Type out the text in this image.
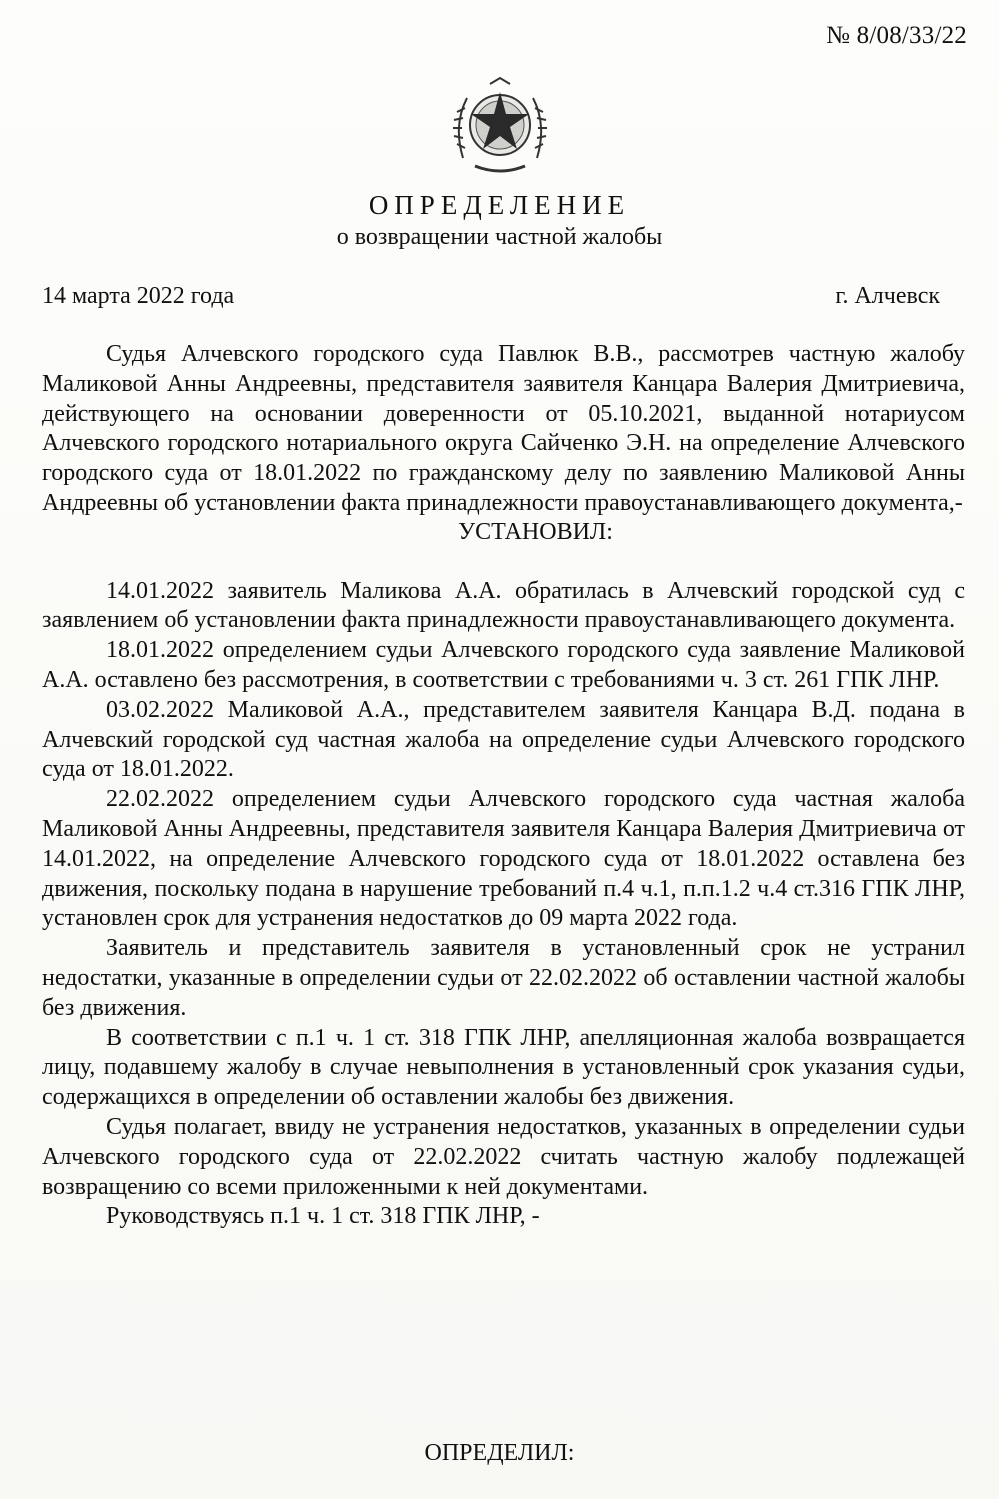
№ 8/08/33/22
ОПРЕДЕЛЕНИЕ
о возвращении частной жалобы
14 марта 2022 года	г. Алчевск

Судья Алчевского городского суда Павлюк В.В., рассмотрев частную жалобу Маликовой Анны Андреевны, представителя заявителя Канцара Валерия Дмитриевича, действующего на основании доверенности от 05.10.2021, выданной нотариусом Алчевского городского нотариального округа Сайченко Э.Н. на определение Алчевского городского суда от 18.01.2022 по гражданскому делу по заявлению Маликовой Анны Андреевны об установлении факта принадлежности правоустанавливающего документа,-

УСТАНОВИЛ:

14.01.2022 заявитель Маликова А.А. обратилась в Алчевский городской суд с заявлением об установлении факта принадлежности правоустанавливающего документа.

18.01.2022 определением судьи Алчевского городского суда заявление Маликовой А.А. оставлено без рассмотрения, в соответствии с требованиями ч. 3 ст. 261 ГПК ЛНР.

03.02.2022 Маликовой А.А., представителем заявителя Канцара В.Д. подана в Алчевский городской суд частная жалоба на определение судьи Алчевского городского суда от 18.01.2022.

22.02.2022 определением судьи Алчевского городского суда частная жалоба Маликовой Анны Андреевны, представителя заявителя Канцара Валерия Дмитриевича от 14.01.2022, на определение Алчевского городского суда от 18.01.2022 оставлена без движения, поскольку подана в нарушение требований п.4 ч.1, п.п.1.2 ч.4 ст.316 ГПК ЛНР, установлен срок для устранения недостатков до 09 марта 2022 года.

Заявитель и представитель заявителя в установленный срок не устранил недостатки, указанные в определении судьи от 22.02.2022 об оставлении частной жалобы без движения.

В соответствии с п.1 ч. 1 ст. 318 ГПК ЛНР, апелляционная жалоба возвращается лицу, подавшему жалобу в случае невыполнения в установленный срок указания судьи, содержащихся в определении об оставлении жалобы без движения.

Судья полагает, ввиду не устранения недостатков, указанных в определении судьи Алчевского городского суда от 22.02.2022 считать частную жалобу подлежащей возвращению со всеми приложенными к ней документами.

Руководствуясь п.1 ч. 1 ст. 318 ГПК ЛНР, -

ОПРЕДЕЛИЛ:
